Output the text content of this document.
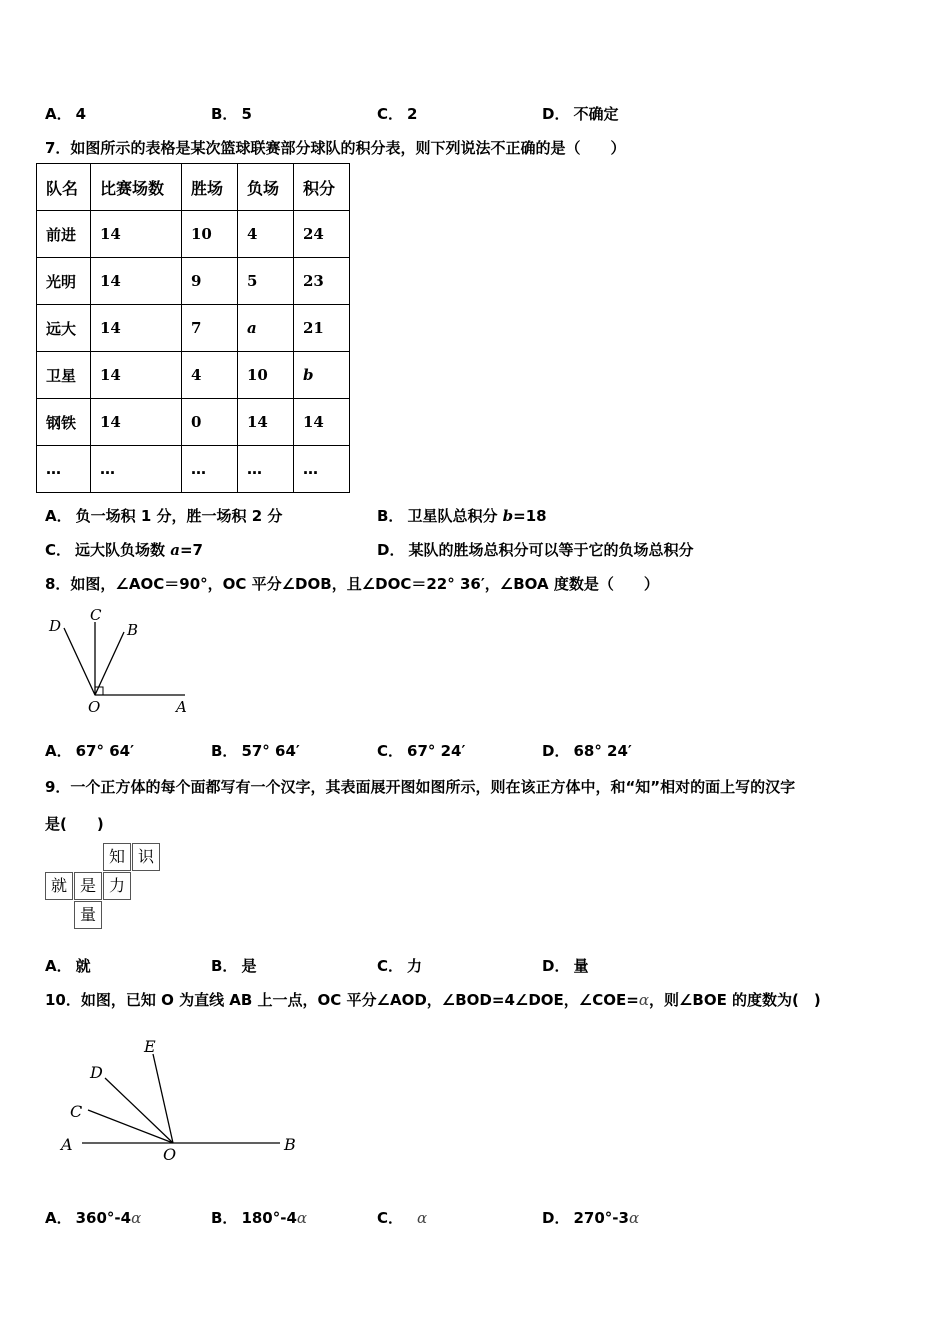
A． 4	B． 5	C． 2	D． 不确定
7．如图所示的表格是某次篮球联赛部分球队的积分表，则下列说法不正确的是（　　）
队名	比赛场数	胜场	负场	积分
前进	14	10	4	24
光明	14	9	5	23
远大	14	7	a	21
卫星	14	4	10	b
钢铁	14	0	14	14
…	…	…	…	…
A． 负一场积 1 分，胜一场积 2 分	B． 卫星队总积分 b=18
C． 远大队负场数 a=7	D． 某队的胜场总积分可以等于它的负场总积分
8．如图，∠AOC＝90°，OC 平分∠DOB，且∠DOC＝22° 36′，∠BOA 度数是（　　）
D
C
B
O	A
A． 67° 64′	B． 57° 64′	C． 67° 24′	D． 68° 24′
9．一个正方体的每个面都写有一个汉字，其表面展开图如图所示，则在该正方体中，和“知”相对的面上写的汉字
是(　　)
知 识
就 是 力
量
A． 就	B． 是	C． 力	D． 量
10．如图，已知 O 为直线 AB 上一点，OC 平分∠AOD，∠BOD=4∠DOE，∠COE=α，则∠BOE 的度数为(　)
E
D
C
A
O
B
A． 360°-4α	B． 180°-4α	C． α	D． 270°-3α
